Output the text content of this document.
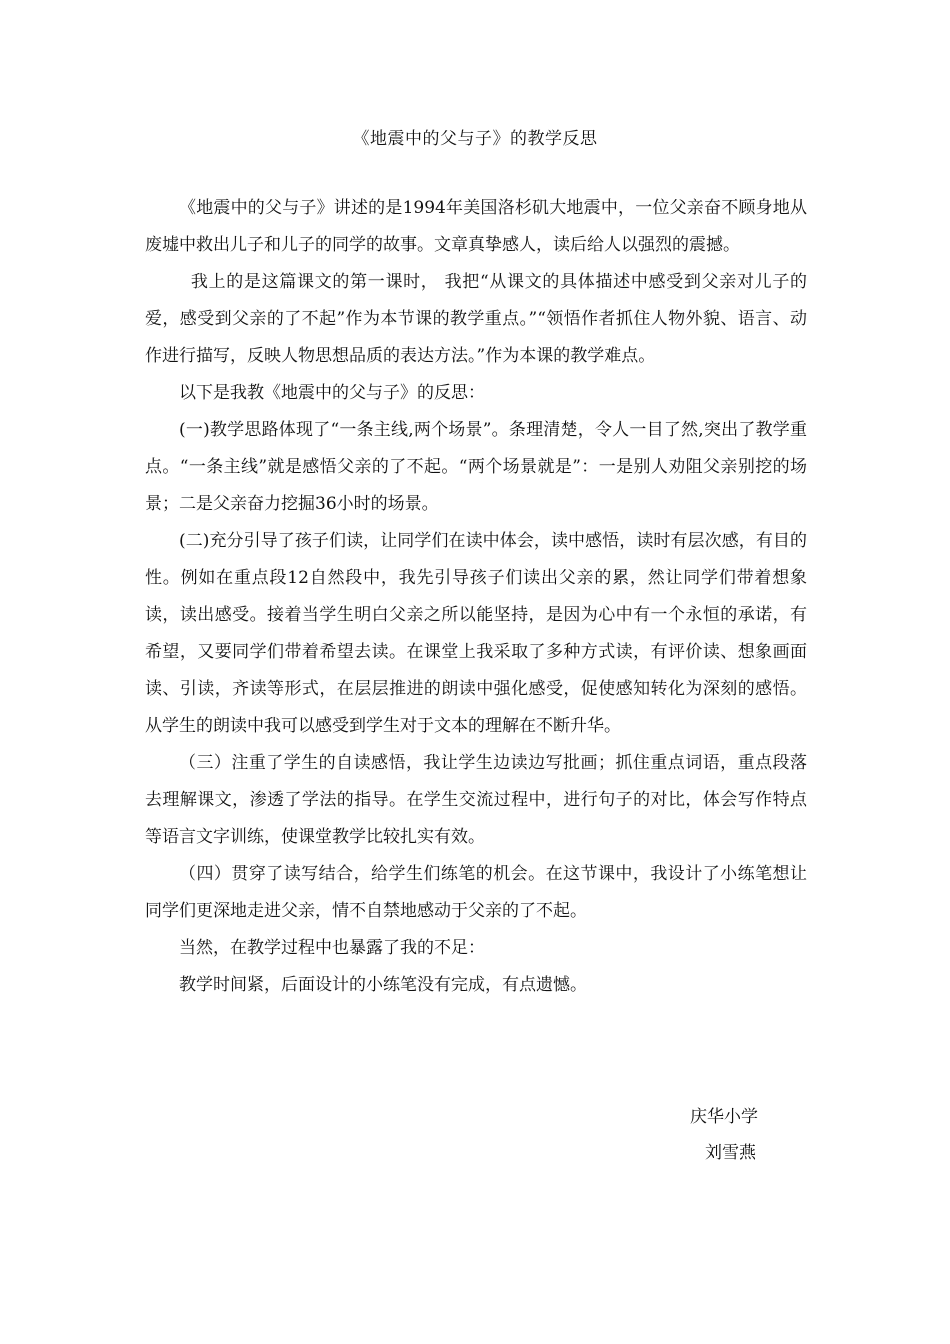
《地震中的父与子》的教学反思

《地震中的父与子》讲述的是1994年美国洛杉矶大地震中，一位父亲奋不顾身地从废墟中救出儿子和儿子的同学的故事。文章真挚感人，读后给人以强烈的震撼。

我上的是这篇课文的第一课时， 我把“从课文的具体描述中感受到父亲对儿子的爱，感受到父亲的了不起”作为本节课的教学重点。”“领悟作者抓住人物外貌、语言、动作进行描写，反映人物思想品质的表达方法。”作为本课的教学难点。

以下是我教《地震中的父与子》的反思：

(一)教学思路体现了“一条主线,两个场景”。条理清楚，令人一目了然,突出了教学重点。“一条主线”就是感悟父亲的了不起。“两个场景就是”：一是别人劝阻父亲别挖的场景；二是父亲奋力挖掘36小时的场景。

(二)充分引导了孩子们读，让同学们在读中体会，读中感悟，读时有层次感，有目的性。例如在重点段12自然段中，我先引导孩子们读出父亲的累，然让同学们带着想象读，读出感受。接着当学生明白父亲之所以能坚持，是因为心中有一个永恒的承诺，有希望，又要同学们带着希望去读。在课堂上我采取了多种方式读，有评价读、想象画面读、引读，齐读等形式，在层层推进的朗读中强化感受，促使感知转化为深刻的感悟。从学生的朗读中我可以感受到学生对于文本的理解在不断升华。

（三）注重了学生的自读感悟，我让学生边读边写批画；抓住重点词语，重点段落去理解课文，渗透了学法的指导。在学生交流过程中，进行句子的对比，体会写作特点等语言文字训练，使课堂教学比较扎实有效。

（四）贯穿了读写结合，给学生们练笔的机会。在这节课中，我设计了小练笔想让同学们更深地走进父亲，情不自禁地感动于父亲的了不起。

当然，在教学过程中也暴露了我的不足：

教学时间紧，后面设计的小练笔没有完成，有点遗憾。

庆华小学
刘雪燕
